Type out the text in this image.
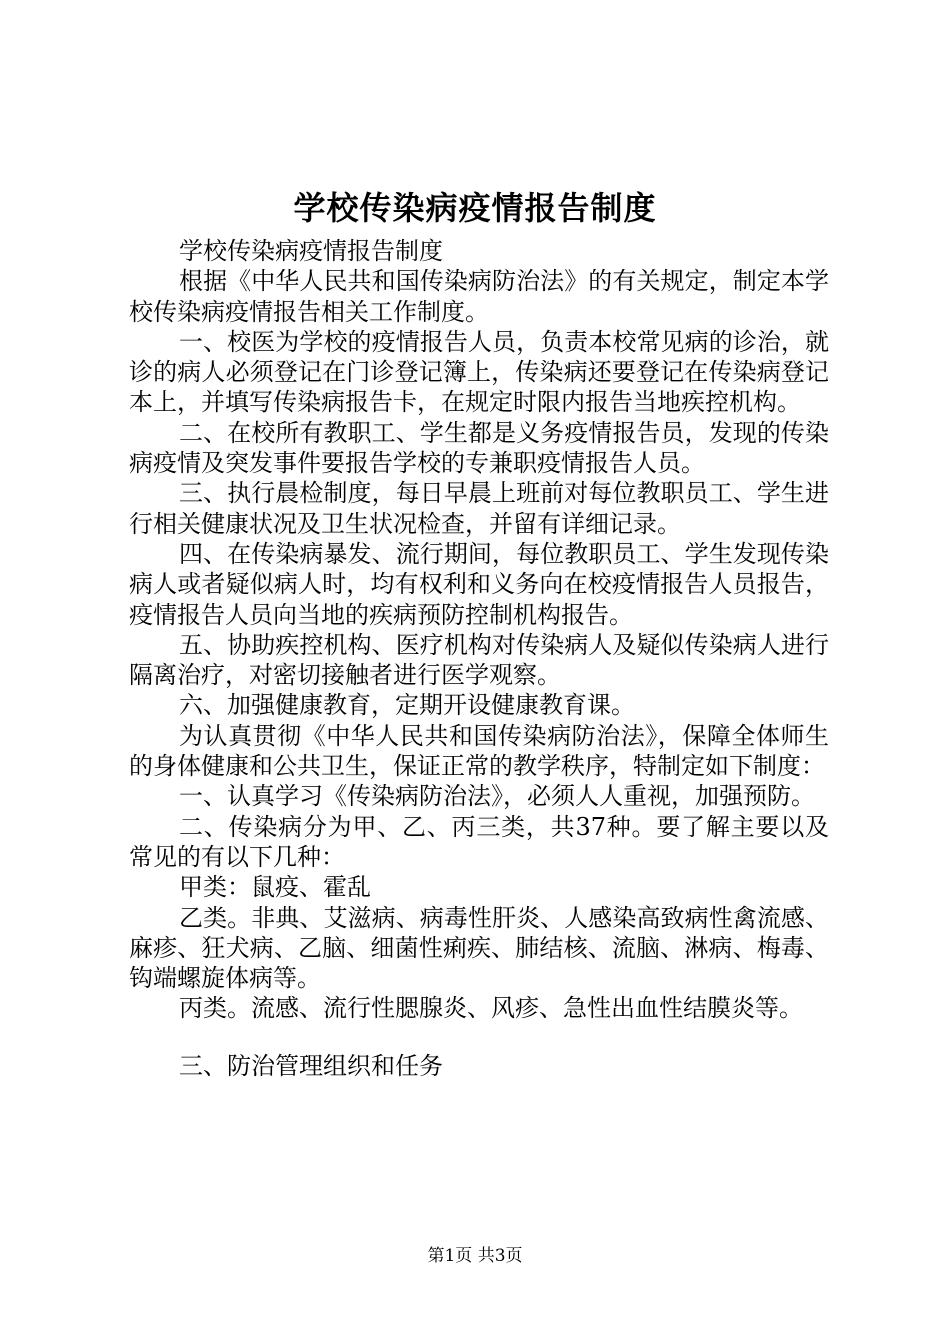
学校传染病疫情报告制度

学校传染病疫情报告制度

根据《中华人民共和国传染病防治法》的有关规定，制定本学校传染病疫情报告相关工作制度。

一、校医为学校的疫情报告人员，负责本校常见病的诊治，就诊的病人必须登记在门诊登记簿上，传染病还要登记在传染病登记本上，并填写传染病报告卡，在规定时限内报告当地疾控机构。

二、在校所有教职工、学生都是义务疫情报告员，发现的传染病疫情及突发事件要报告学校的专兼职疫情报告人员。

三、执行晨检制度，每日早晨上班前对每位教职员工、学生进行相关健康状况及卫生状况检查，并留有详细记录。

四、在传染病暴发、流行期间，每位教职员工、学生发现传染病人或者疑似病人时，均有权利和义务向在校疫情报告人员报告，疫情报告人员向当地的疾病预防控制机构报告。

五、协助疾控机构、医疗机构对传染病人及疑似传染病人进行隔离治疗，对密切接触者进行医学观察。

六、加强健康教育，定期开设健康教育课。

为认真贯彻《中华人民共和国传染病防治法》，保障全体师生的身体健康和公共卫生，保证正常的教学秩序，特制定如下制度：

一、认真学习《传染病防治法》，必须人人重视，加强预防。

二、传染病分为甲、乙、丙三类，共37种。要了解主要以及常见的有以下几种：

甲类：鼠疫、霍乱

乙类。非典、艾滋病、病毒性肝炎、人感染高致病性禽流感、麻疹、狂犬病、乙脑、细菌性痢疾、肺结核、流脑、淋病、梅毒、钩端螺旋体病等。

丙类。流感、流行性腮腺炎、风疹、急性出血性结膜炎等。

三、防治管理组织和任务

第1页 共3页
